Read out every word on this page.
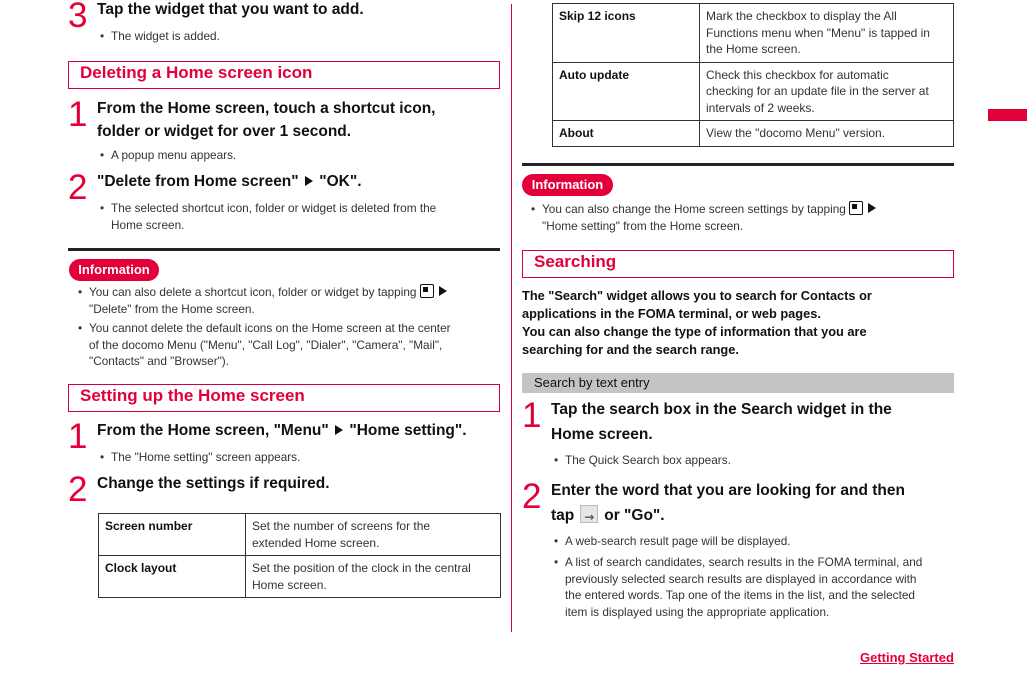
3 Tap the widget that you want to add.
• The widget is added.
Deleting a Home screen icon
1 From the Home screen, touch a shortcut icon,
folder or widget for over 1 second.
• A popup menu appears.
2 "Delete from Home screen" "OK".
• The selected shortcut icon, folder or widget is deleted from the
Home screen.
Information
• You can also delete a shortcut icon, folder or widget by tapping
"Delete" from the Home screen.
• You cannot delete the default icons on the Home screen at the center
of the docomo Menu ("Menu", "Call Log", "Dialer", "Camera", "Mail",
"Contacts" and "Browser").
Setting up the Home screen
1 From the Home screen, "Menu" "Home setting".
• The "Home setting" screen appears.
2 Change the settings if required.
Screen number	Set the number of screens for the
extended Home screen.

Clock layout	Set the position of the clock in the central
Home screen.
Skip 12 icons	Mark the checkbox to display the All
Functions menu when "Menu" is tapped in
the Home screen.

Auto update	Check this checkbox for automatic
checking for an update file in the server at
intervals of 2 weeks.

About	View the "docomo Menu" version.
Information
• You can also change the Home screen settings by tapping
"Home setting" from the Home screen.
Searching
The "Search" widget allows you to search for Contacts or
applications in the FOMA terminal, or web pages.
You can also change the type of information that you are
searching for and the search range.
Search by text entry
1 Tap the search box in the Search widget in the
Home screen.
• The Quick Search box appears.
2 Enter the word that you are looking for and then
tap → or "Go".
• A web-search result page will be displayed.
• A list of search candidates, search results in the FOMA terminal, and
previously selected search results are displayed in accordance with
the entered words. Tap one of the items in the list, and the selected
item is displayed using the appropriate application.
Getting Started
